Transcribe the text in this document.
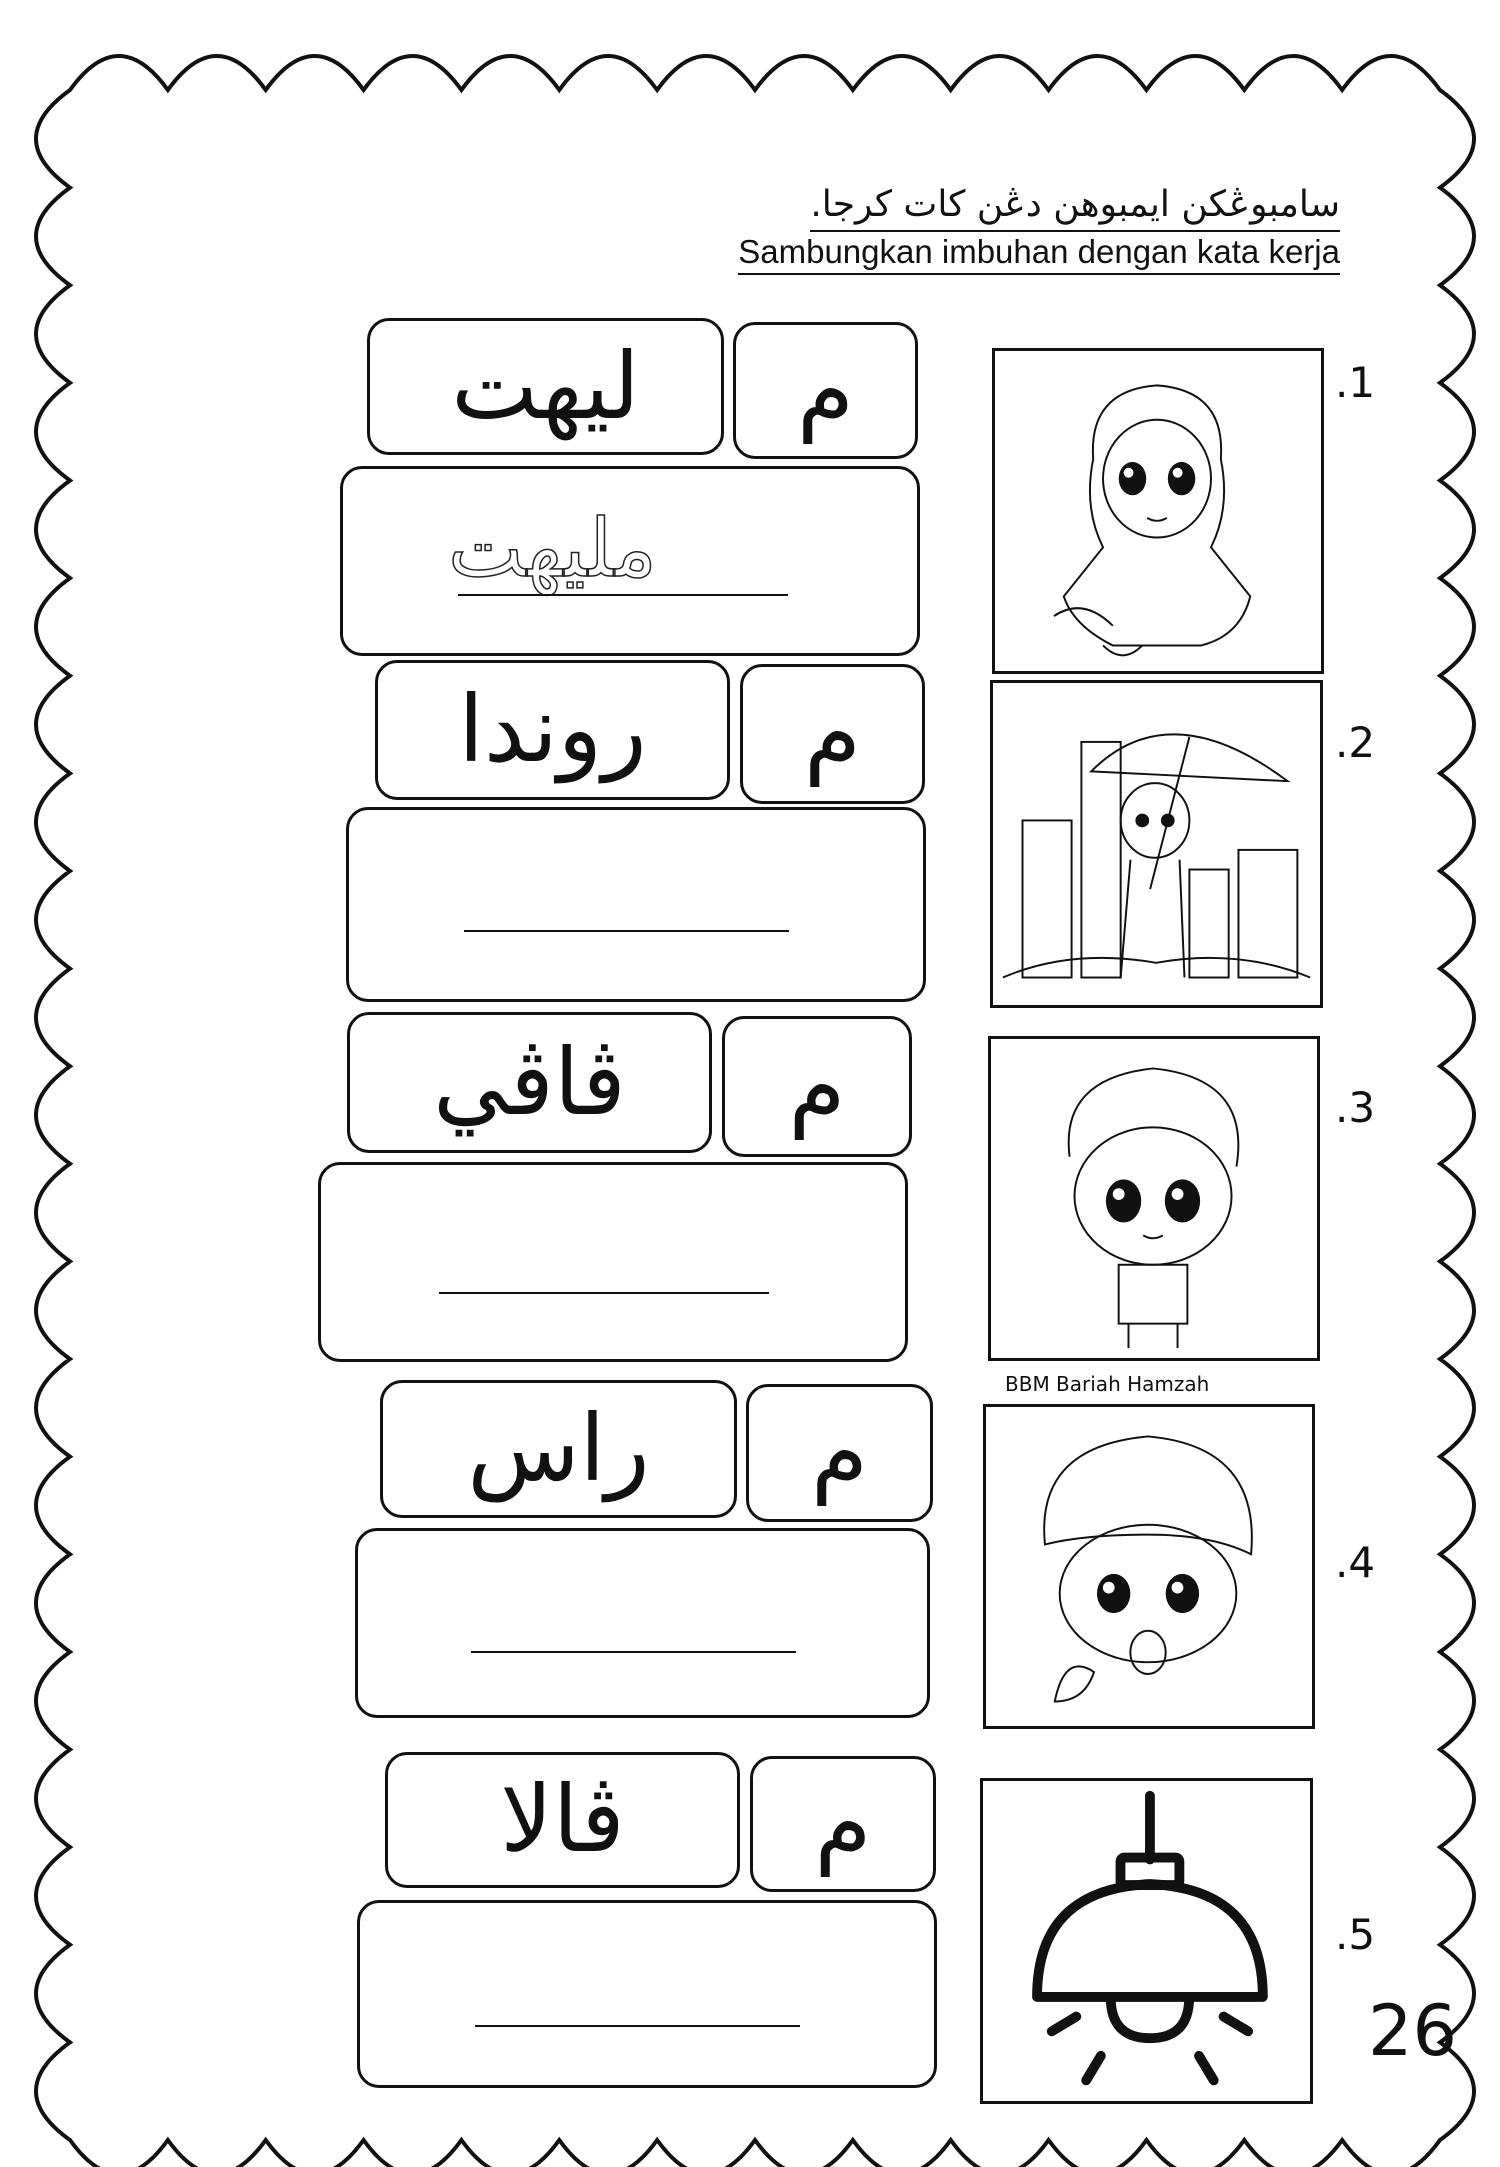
سامبوڠكن ايمبوهن دڠن كات كرجا.
Sambungkan imbuhan dengan kata kerja
ليهت	م
مليهت
.1
روندا	م	.2
ڤاڤي	م	.3
BBM Bariah Hamzah
راس	م
.4
ڤالا	م
.5
26
